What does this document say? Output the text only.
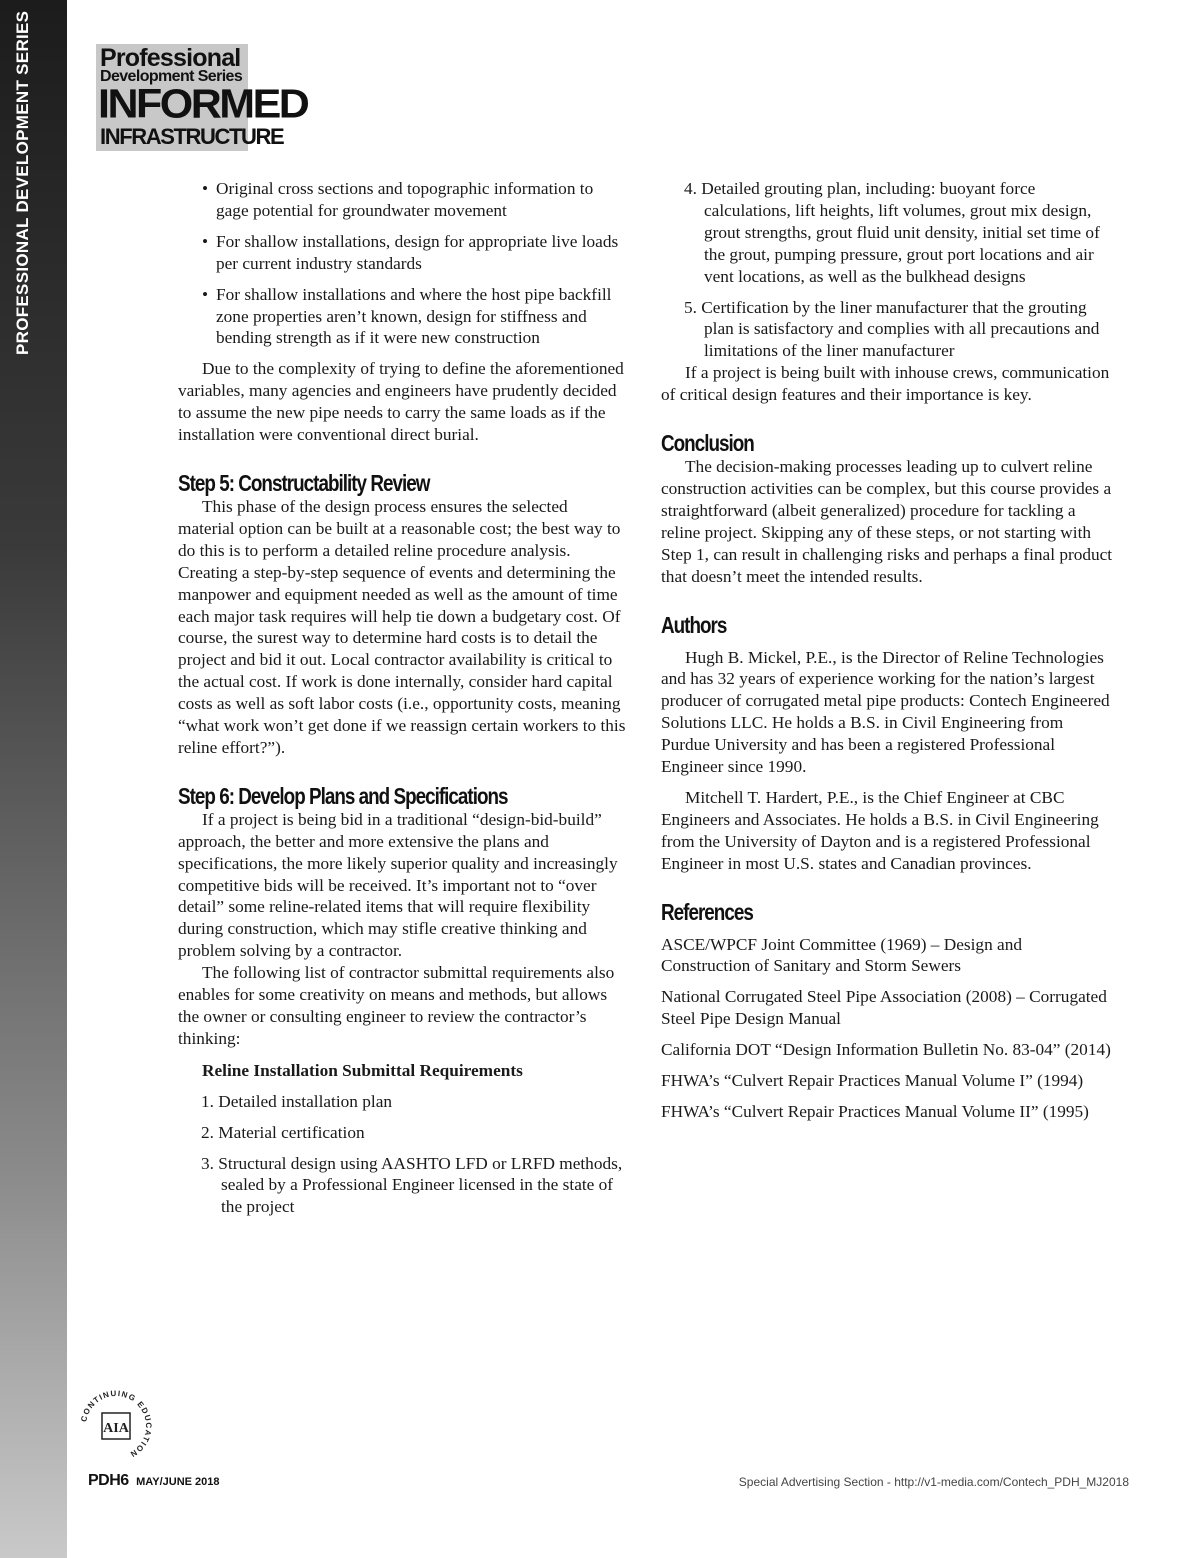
PROFESSIONAL DEVELOPMENT SERIES	Professional
Development Series
INFORMED
INFRASTRUCTURE
• Original cross sections and topographic information to gage potential for groundwater movement
• For shallow installations, design for appropriate live loads per current industry standards
• For shallow installations and where the host pipe backfill zone properties aren’t known, design for stiffness and bending strength as if it were new construction

Due to the complexity of trying to define the aforementioned variables, many agencies and engineers have prudently decided to assume the new pipe needs to carry the same loads as if the installation were conventional direct burial.

Step 5: Constructability Review

This phase of the design process ensures the selected material option can be built at a reasonable cost; the best way to do this is to perform a detailed reline procedure analysis. Creating a step-by-step sequence of events and determining the manpower and equipment needed as well as the amount of time each major task requires will help tie down a budgetary cost. Of course, the surest way to determine hard costs is to detail the project and bid it out. Local contractor availability is critical to the actual cost. If work is done internally, consider hard capital costs as well as soft labor costs (i.e., opportunity costs, meaning “what work won’t get done if we reassign certain workers to this reline effort?”).

Step 6: Develop Plans and Specifications

If a project is being bid in a traditional “design-bid-build” approach, the better and more extensive the plans and specifications, the more likely superior quality and increasingly competitive bids will be received. It’s important not to “over detail” some reline-related items that will require flexibility during construction, which may stifle creative thinking and problem solving by a contractor.

The following list of contractor submittal requirements also enables for some creativity on means and methods, but allows the owner or consulting engineer to review the contractor’s thinking:

Reline Installation Submittal Requirements

1. Detailed installation plan
2. Material certification
3. Structural design using AASHTO LFD or LRFD methods, sealed by a Professional Engineer licensed in the state of the project
4. Detailed grouting plan, including: buoyant force calculations, lift heights, lift volumes, grout mix design, grout strengths, grout fluid unit density, initial set time of the grout, pumping pressure, grout port locations and air vent locations, as well as the bulkhead designs
5. Certification by the liner manufacturer that the grouting plan is satisfactory and complies with all precautions and limitations of the liner manufacturer

If a project is being built with inhouse crews, communication of critical design features and their importance is key.

Conclusion

The decision-making processes leading up to culvert reline construction activities can be complex, but this course provides a straightforward (albeit generalized) procedure for tackling a reline project. Skipping any of these steps, or not starting with Step 1, can result in challenging risks and perhaps a final product that doesn’t meet the intended results.

Authors

Hugh B. Mickel, P.E., is the Director of Reline Technologies and has 32 years of experience working for the nation’s largest producer of corrugated metal pipe products: Contech Engineered Solutions LLC. He holds a B.S. in Civil Engineering from Purdue University and has been a registered Professional Engineer since 1990.

Mitchell T. Hardert, P.E., is the Chief Engineer at CBC Engineers and Associates. He holds a B.S. in Civil Engineering from the University of Dayton and is a registered Professional Engineer in most U.S. states and Canadian provinces.

References

ASCE/WPCF Joint Committee (1969) – Design and Construction of Sanitary and Storm Sewers

National Corrugated Steel Pipe Association (2008) – Corrugated Steel Pipe Design Manual

California DOT “Design Information Bulletin No. 83-04” (2014)

FHWA’s “Culvert Repair Practices Manual Volume I” (1994)

FHWA’s “Culvert Repair Practices Manual Volume II” (1995)

CONTINUING EDUCATION
AIA
PDH6 MAY/JUNE 2018	Special Advertising Section - http://v1-media.com/Contech_PDH_MJ2018
